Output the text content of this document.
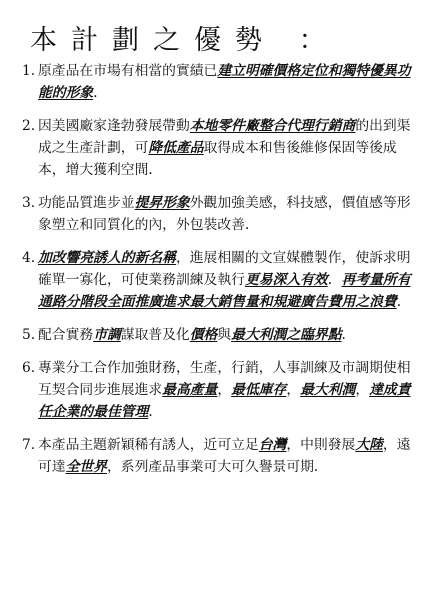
本計劃之優勢 ：
1. 原產品在市場有相當的實績已建立明確價格定位和獨特優異功能的形象．
2. 因美國廠家逢勃發展帶動本地零件廠整合代理行銷商的出到渠成之生產計劃，可降低產品取得成本和售後維修保固等後成本，增大獲利空間．
3. 功能品質進步並提昇形象外觀加強美感，科技感，價值感等形象塑立和同質化的內，外包裝改善．
4. 加改響亮誘人的新名稱，進展相關的文宣媒體製作，使訴求明確單一寡化，可使業務訓練及執行更易深入有效．再考量所有通路分階段全面推廣進求最大銷售量和規避廣告費用之浪費．
5. 配合實務市調謀取普及化價格與最大利潤之臨界點．
6. 專業分工合作加強財務，生產，行銷，人事訓練及市調期使相互契合同步進展進求最高產量，最低庫存，最大利潤，達成責任企業的最佳管理．
7. 本產品主題新穎稀有誘人，近可立足台灣，中則發展大陸，遠可達全世界，系列產品事業可大可久譽景可期．
